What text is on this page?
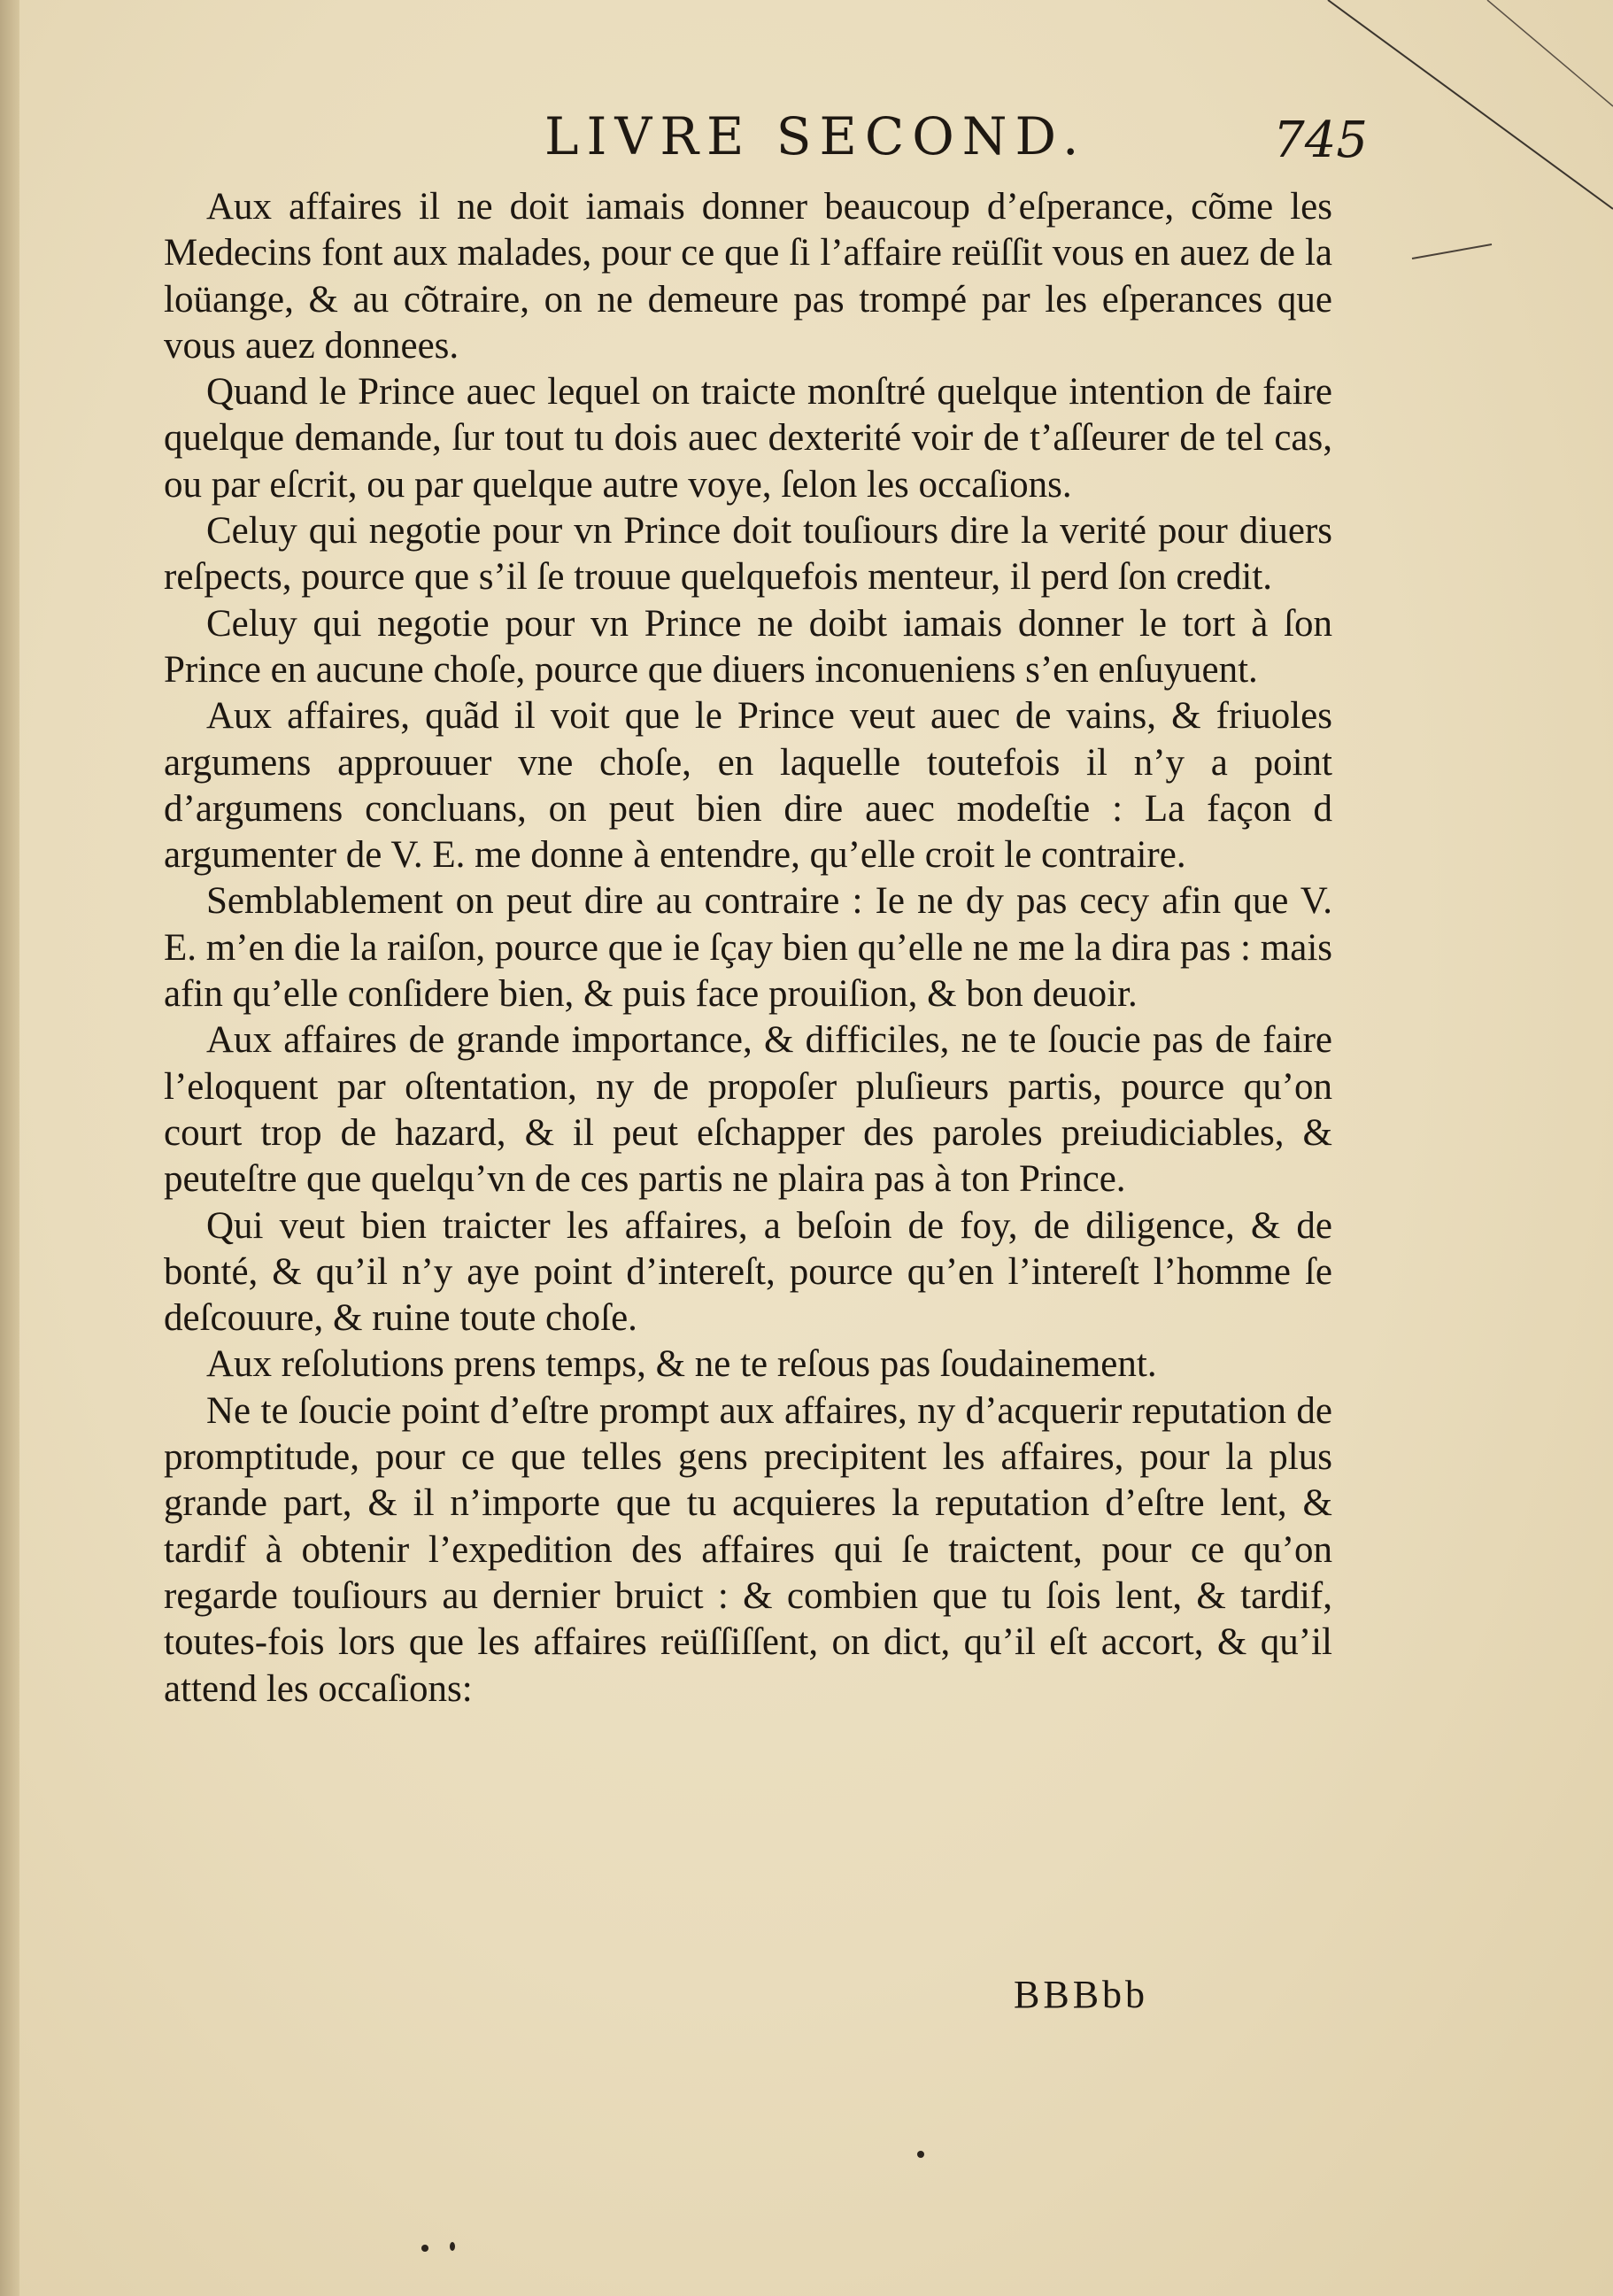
LIVRE SECOND.	745

Aux affaires il ne doit iamais donner beaucoup d’eſperance, cõme les Medecins font aux malades, pour ce que ſi l’affaire reüſſit vous en auez de la loüange, & au cõtraire, on ne demeure pas trompé par les eſperances que vous auez donnees.

Quand le Prince auec lequel on traicte monſtré quelque intention de faire quelque demande, ſur tout tu dois auec dexterité voir de t’aſſeurer de tel cas, ou par eſcrit, ou par quelque autre voye, ſelon les occaſions.

Celuy qui negotie pour vn Prince doit touſiours dire la verité pour diuers reſpects, pource que s’il ſe trouue quelquefois menteur, il perd ſon credit.

Celuy qui negotie pour vn Prince ne doibt iamais donner le tort à ſon Prince en aucune choſe, pource que diuers inconueniens s’en enſuyuent.

Aux affaires, quãd il voit que le Prince veut auec de vains, & friuoles argumens approuuer vne choſe, en laquelle toutefois il n’y a point d’argumens concluans, on peut bien dire auec modeſtie : La façon d argumenter de V. E. me donne à entendre, qu’elle croit le contraire.

Semblablement on peut dire au contraire : Ie ne dy pas cecy afin que V. E. m’en die la raiſon, pource que ie ſçay bien qu’elle ne me la dira pas : mais afin qu’elle conſidere bien, & puis face prouiſion, & bon deuoir.

Aux affaires de grande importance, & difficiles, ne te ſoucie pas de faire l’eloquent par oſtentation, ny de propoſer pluſieurs partis, pource qu’on court trop de hazard, & il peut eſchapper des paroles preiudiciables, & peuteſtre que quelqu’vn de ces partis ne plaira pas à ton Prince.

Qui veut bien traicter les affaires, a beſoin de foy, de diligence, & de bonté, & qu’il n’y aye point d’intereſt, pource qu’en l’intereſt l’homme ſe deſcouure, & ruine toute choſe.

Aux reſolutions prens temps, & ne te reſous pas ſoudainement.

Ne te ſoucie point d’eſtre prompt aux affaires, ny d’acquerir reputation de promptitude, pour ce que telles gens precipitent les affaires, pour la plus grande part, & il n’importe que tu acquieres la reputation d’eſtre lent, & tardif à obtenir l’expedition des affaires qui ſe traictent, pour ce qu’on regarde touſiours au dernier bruict : & combien que tu ſois lent, & tardif, toutes-fois lors que les affaires reüſſiſſent, on dict, qu’il eſt accort, & qu’il attend les occaſions:

BBBbb
